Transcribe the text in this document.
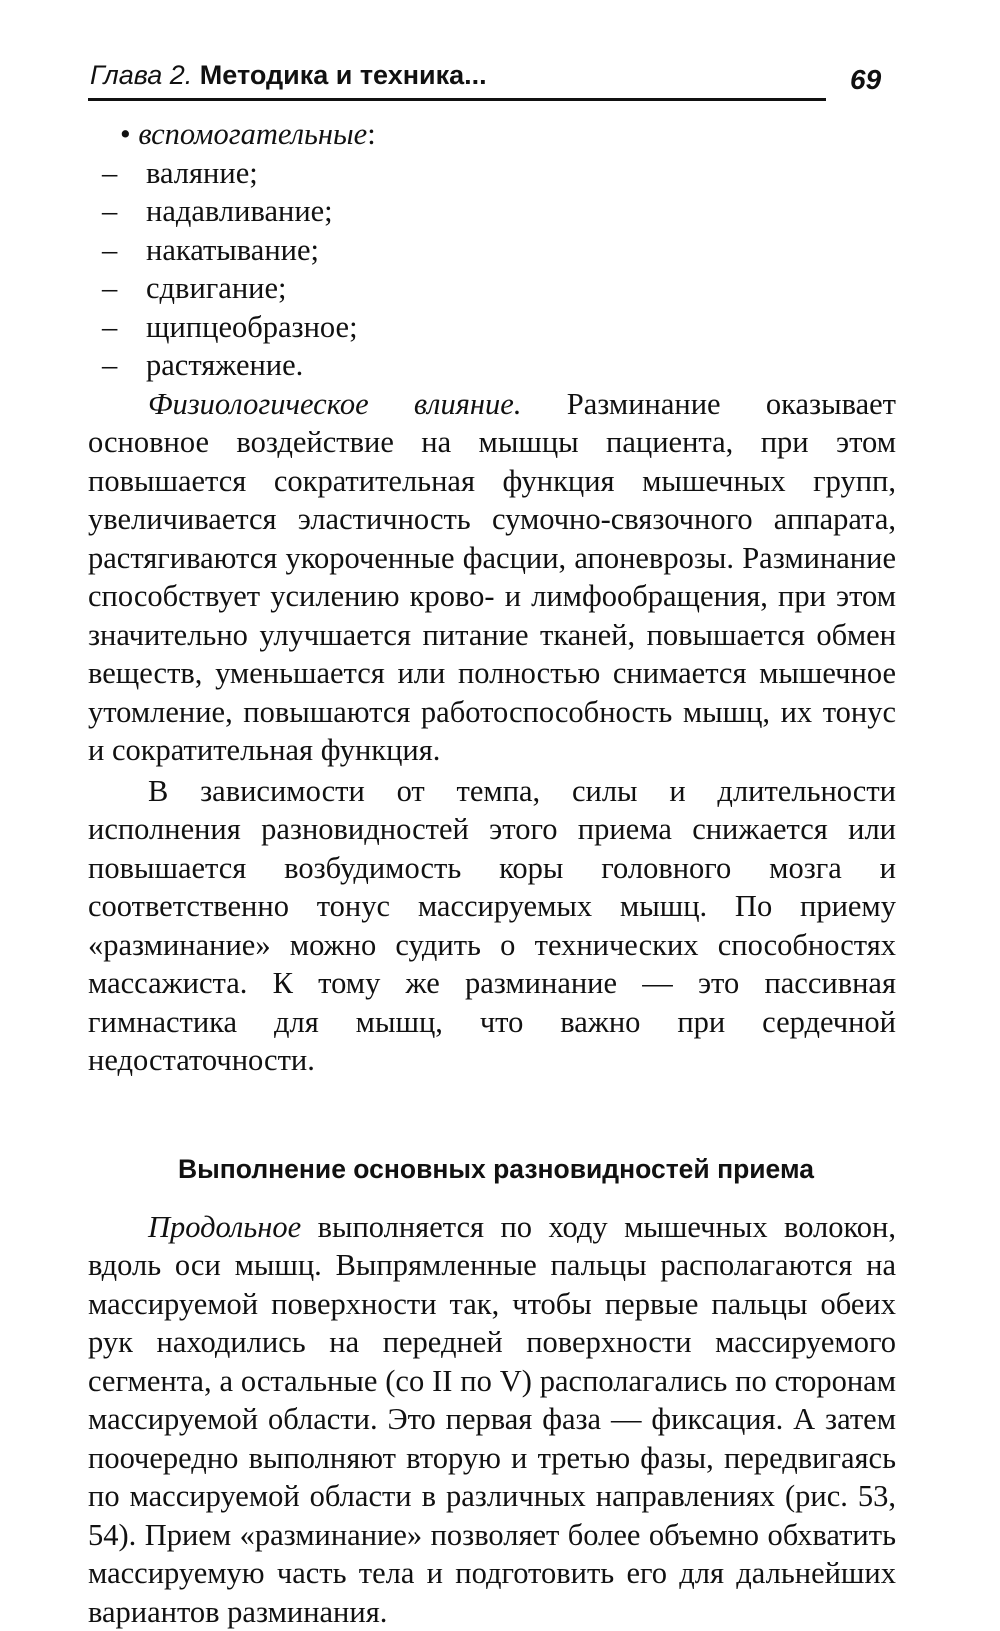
Глава 2. Методика и техника...	69
• вспомогательные:
– валяние;
– надавливание;
– накатывание;
– сдвигание;
– щипцеобразное;
– растяжение.

Физиологическое влияние. Разминание оказывает основное воздействие на мышцы пациента, при этом повышается сократительная функция мышечных групп, увеличивается эластичность сумочно-связочного аппарата, растягиваются укороченные фасции, апоневрозы. Разминание способствует усилению крово- и лимфообращения, при этом значительно улучшается питание тканей, повышается обмен веществ, уменьшается или полностью снимается мышечное утомление, повышаются работоспособность мышц, их тонус и сократительная функция.

В зависимости от темпа, силы и длительности исполнения разновидностей этого приема снижается или повышается возбудимость коры головного мозга и соответственно тонус массируемых мышц. По приему «разминание» можно судить о технических способностях массажиста. К тому же разминание — это пассивная гимнастика для мышц, что важно при сердечной недостаточности.

Выполнение основных разновидностей приема

Продольное выполняется по ходу мышечных волокон, вдоль оси мышц. Выпрямленные пальцы располагаются на массируемой поверхности так, чтобы первые пальцы обеих рук находились на передней поверхности массируемого сегмента, а остальные (со II по V) располагались по сторонам массируемой области. Это первая фаза — фиксация. А затем поочередно выполняют вторую и третью фазы, передвигаясь по массируемой области в различных направлениях (рис. 53, 54). Прием «разминание» позволяет более объемно обхватить массируемую часть тела и подготовить его для дальнейших вариантов разминания.
